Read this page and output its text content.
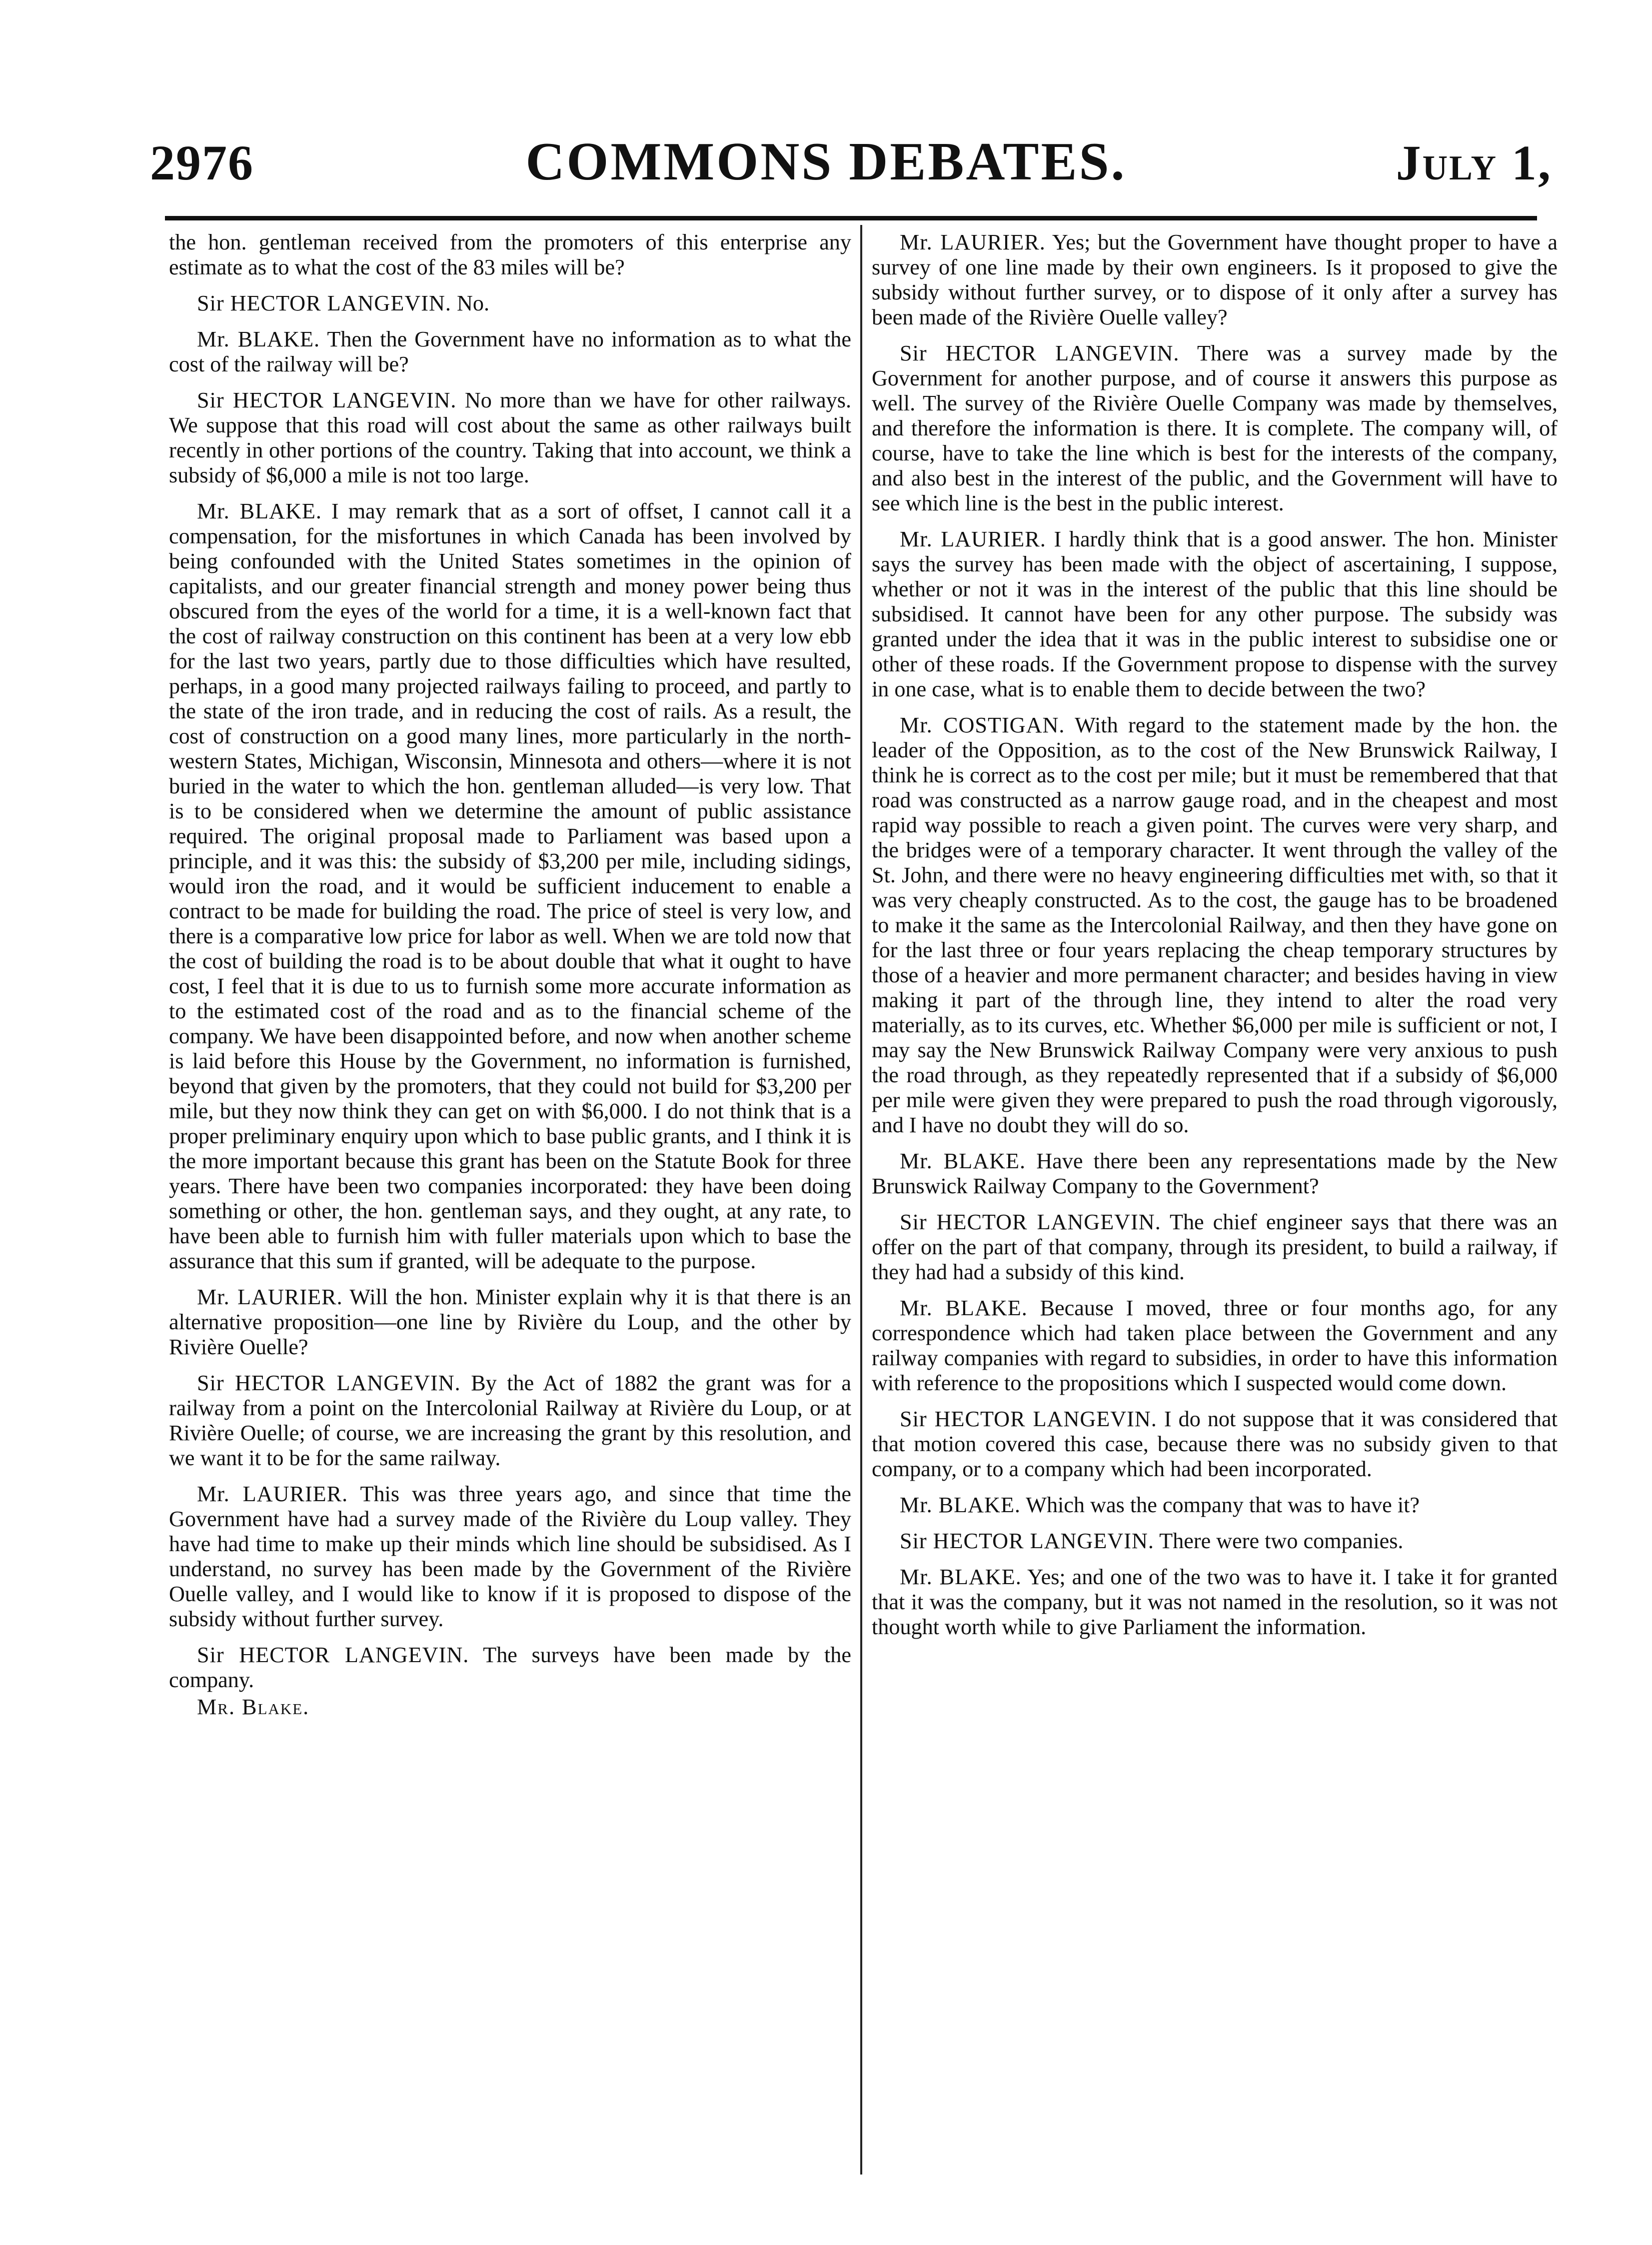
2976	COMMONS DEBATES.	July 1,

the hon. gentleman received from the promoters of this enterprise any estimate as to what the cost of the 83 miles will be?

Sir HECTOR LANGEVIN. No.

Mr. BLAKE. Then the Government have no information as to what the cost of the railway will be?

Sir HECTOR LANGEVIN. No more than we have for other railways. We suppose that this road will cost about the same as other railways built recently in other portions of the country. Taking that into account, we think a subsidy of $6,000 a mile is not too large.

Mr. BLAKE. I may remark that as a sort of offset, I cannot call it a compensation, for the misfortunes in which Canada has been involved by being confounded with the United States sometimes in the opinion of capitalists, and our greater financial strength and money power being thus obscured from the eyes of the world for a time, it is a well-known fact that the cost of railway construction on this continent has been at a very low ebb for the last two years, partly due to those difficulties which have resulted, perhaps, in a good many projected railways failing to proceed, and partly to the state of the iron trade, and in reducing the cost of rails. As a result, the cost of construction on a good many lines, more particularly in the north-western States, Michigan, Wisconsin, Minnesota and others—where it is not buried in the water to which the hon. gentleman alluded—is very low. That is to be considered when we determine the amount of public assistance required. The original proposal made to Parliament was based upon a principle, and it was this: the subsidy of $3,200 per mile, including sidings, would iron the road, and it would be sufficient inducement to enable a contract to be made for building the road. The price of steel is very low, and there is a comparative low price for labor as well. When we are told now that the cost of building the road is to be about double that what it ought to have cost, I feel that it is due to us to furnish some more accurate information as to the estimated cost of the road and as to the financial scheme of the company. We have been disappointed before, and now when another scheme is laid before this House by the Government, no information is furnished, beyond that given by the promoters, that they could not build for $3,200 per mile, but they now think they can get on with $6,000. I do not think that is a proper preliminary enquiry upon which to base public grants, and I think it is the more important because this grant has been on the Statute Book for three years. There have been two companies incorporated: they have been doing something or other, the hon. gentleman says, and they ought, at any rate, to have been able to furnish him with fuller materials upon which to base the assurance that this sum if granted, will be adequate to the purpose.

Mr. LAURIER. Will the hon. Minister explain why it is that there is an alternative proposition—one line by Rivière du Loup, and the other by Rivière Ouelle?

Sir HECTOR LANGEVIN. By the Act of 1882 the grant was for a railway from a point on the Intercolonial Railway at Rivière du Loup, or at Rivière Ouelle; of course, we are increasing the grant by this resolution, and we want it to be for the same railway.

Mr. LAURIER. This was three years ago, and since that time the Government have had a survey made of the Rivière du Loup valley. They have had time to make up their minds which line should be subsidised. As I understand, no survey has been made by the Government of the Rivière Ouelle valley, and I would like to know if it is proposed to dispose of the subsidy without further survey.

Sir HECTOR LANGEVIN. The surveys have been made by the company.

Mr. Blake.

Mr. LAURIER. Yes; but the Government have thought proper to have a survey of one line made by their own engineers. Is it proposed to give the subsidy without further survey, or to dispose of it only after a survey has been made of the Rivière Ouelle valley?

Sir HECTOR LANGEVIN. There was a survey made by the Government for another purpose, and of course it answers this purpose as well. The survey of the Rivière Ouelle Company was made by themselves, and therefore the information is there. It is complete. The company will, of course, have to take the line which is best for the interests of the company, and also best in the interest of the public, and the Government will have to see which line is the best in the public interest.

Mr. LAURIER. I hardly think that is a good answer. The hon. Minister says the survey has been made with the object of ascertaining, I suppose, whether or not it was in the interest of the public that this line should be subsidised. It cannot have been for any other purpose. The subsidy was granted under the idea that it was in the public interest to subsidise one or other of these roads. If the Government propose to dispense with the survey in one case, what is to enable them to decide between the two?

Mr. COSTIGAN. With regard to the statement made by the hon. the leader of the Opposition, as to the cost of the New Brunswick Railway, I think he is correct as to the cost per mile; but it must be remembered that that road was constructed as a narrow gauge road, and in the cheapest and most rapid way possible to reach a given point. The curves were very sharp, and the bridges were of a temporary character. It went through the valley of the St. John, and there were no heavy engineering difficulties met with, so that it was very cheaply constructed. As to the cost, the gauge has to be broadened to make it the same as the Intercolonial Railway, and then they have gone on for the last three or four years replacing the cheap temporary structures by those of a heavier and more permanent character; and besides having in view making it part of the through line, they intend to alter the road very materially, as to its curves, etc. Whether $6,000 per mile is sufficient or not, I may say the New Brunswick Railway Company were very anxious to push the road through, as they repeatedly represented that if a subsidy of $6,000 per mile were given they were prepared to push the road through vigorously, and I have no doubt they will do so.

Mr. BLAKE. Have there been any representations made by the New Brunswick Railway Company to the Government?

Sir HECTOR LANGEVIN. The chief engineer says that there was an offer on the part of that company, through its president, to build a railway, if they had had a subsidy of this kind.

Mr. BLAKE. Because I moved, three or four months ago, for any correspondence which had taken place between the Government and any railway companies with regard to subsidies, in order to have this information with reference to the propositions which I suspected would come down.

Sir HECTOR LANGEVIN. I do not suppose that it was considered that that motion covered this case, because there was no subsidy given to that company, or to a company which had been incorporated.

Mr. BLAKE. Which was the company that was to have it?

Sir HECTOR LANGEVIN. There were two companies.

Mr. BLAKE. Yes; and one of the two was to have it. I take it for granted that it was the company, but it was not named in the resolution, so it was not thought worth while to give Parliament the information.
